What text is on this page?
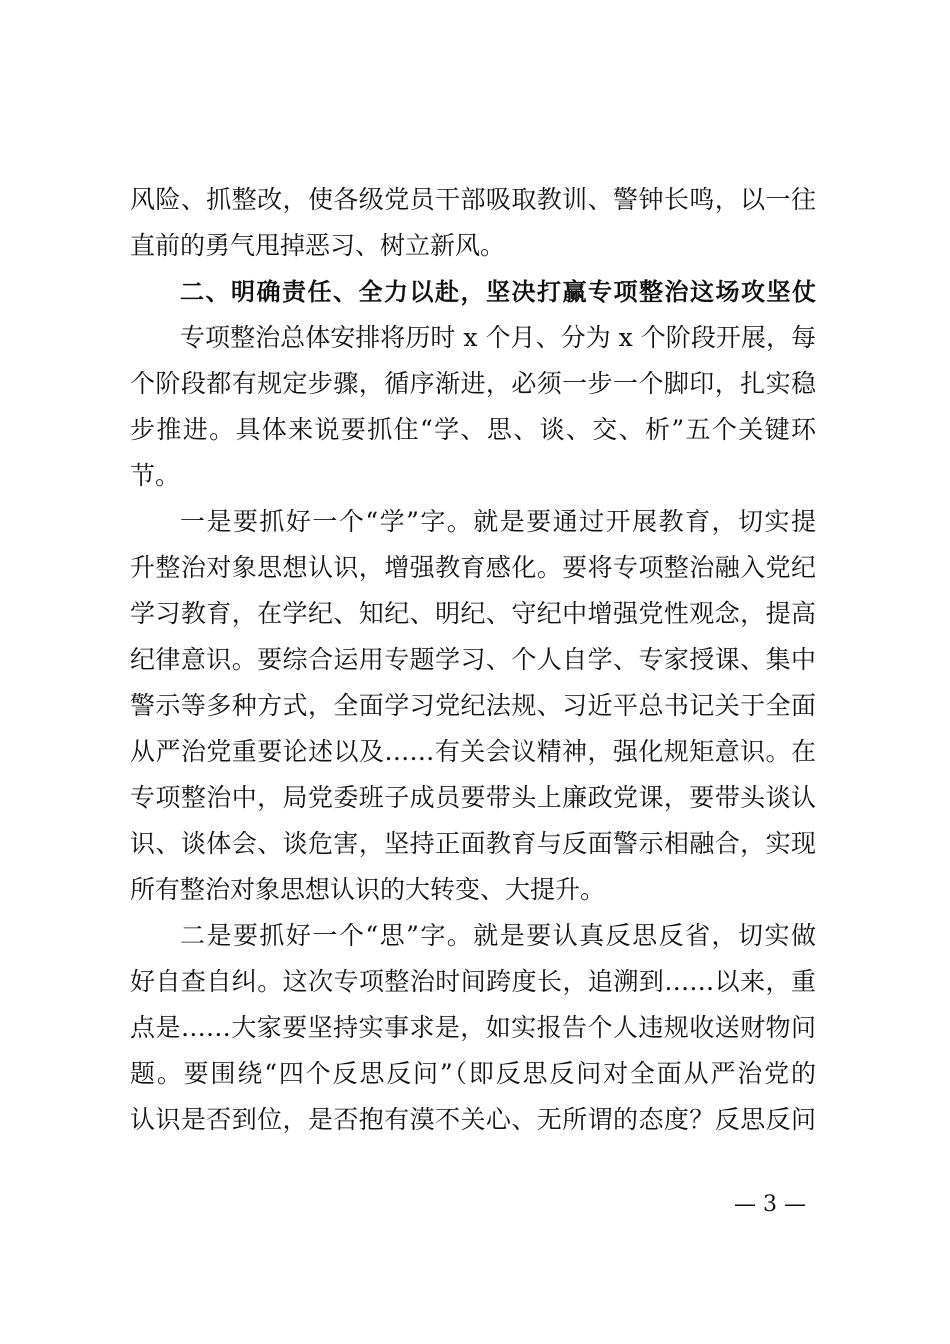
风险、抓整改，使各级党员干部吸取教训、警钟长鸣，以一往
直前的勇气甩掉恶习、树立新风。
二、明确责任、全力以赴，坚决打赢专项整治这场攻坚仗
专项整治总体安排将历时 x 个月、分为 x 个阶段开展，每
个阶段都有规定步骤，循序渐进，必须一步一个脚印，扎实稳
步推进。具体来说要抓住“学、思、谈、交、析”五个关键环
节。
一是要抓好一个“学”字。就是要通过开展教育，切实提
升整治对象思想认识，增强教育感化。要将专项整治融入党纪
学习教育，在学纪、知纪、明纪、守纪中增强党性观念，提高
纪律意识。要综合运用专题学习、个人自学、专家授课、集中
警示等多种方式，全面学习党纪法规、习近平总书记关于全面
从严治党重要论述以及……有关会议精神，强化规矩意识。在
专项整治中，局党委班子成员要带头上廉政党课，要带头谈认
识、谈体会、谈危害，坚持正面教育与反面警示相融合，实现
所有整治对象思想认识的大转变、大提升。
二是要抓好一个“思”字。就是要认真反思反省，切实做
好自查自纠。这次专项整治时间跨度长，追溯到……以来，重
点是……大家要坚持实事求是，如实报告个人违规收送财物问
题。要围绕“四个反思反问”（即反思反问对全面从严治党的
认识是否到位，是否抱有漠不关心、无所谓的态度？反思反问
— 3 —
